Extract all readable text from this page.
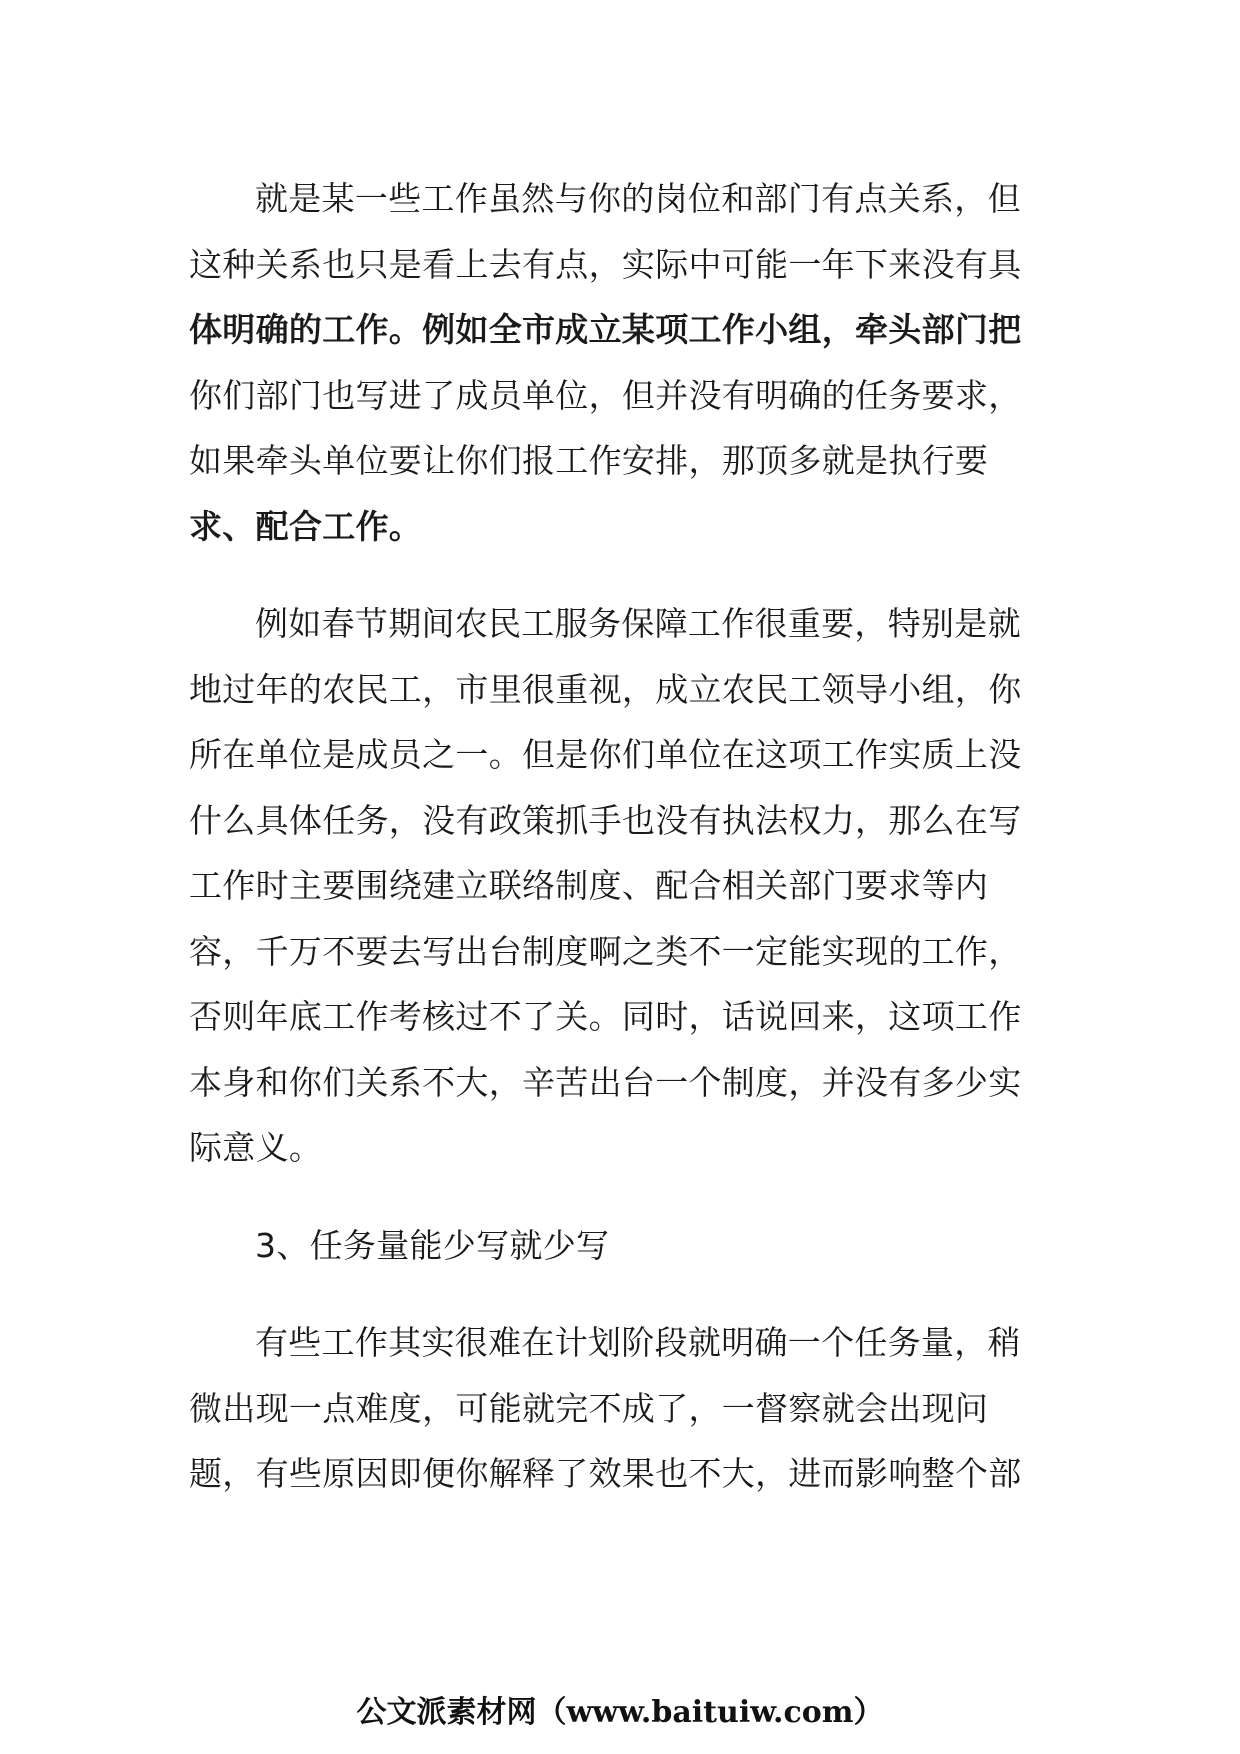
就是某一些工作虽然与你的岗位和部门有点关系，但
这种关系也只是看上去有点，实际中可能一年下来没有具
体明确的工作。例如全市成立某项工作小组，牵头部门把
你们部门也写进了成员单位，但并没有明确的任务要求，
如果牵头单位要让你们报工作安排，那顶多就是执行要
求、配合工作。

例如春节期间农民工服务保障工作很重要，特别是就
地过年的农民工，市里很重视，成立农民工领导小组，你
所在单位是成员之一。但是你们单位在这项工作实质上没
什么具体任务，没有政策抓手也没有执法权力，那么在写
工作时主要围绕建立联络制度、配合相关部门要求等内
容，千万不要去写出台制度啊之类不一定能实现的工作，
否则年底工作考核过不了关。同时，话说回来，这项工作
本身和你们关系不大，辛苦出台一个制度，并没有多少实
际意义。

3、任务量能少写就少写

有些工作其实很难在计划阶段就明确一个任务量，稍
微出现一点难度，可能就完不成了，一督察就会出现问
题，有些原因即便你解释了效果也不大，进而影响整个部

公文派素材网（www.baituiw.com）
